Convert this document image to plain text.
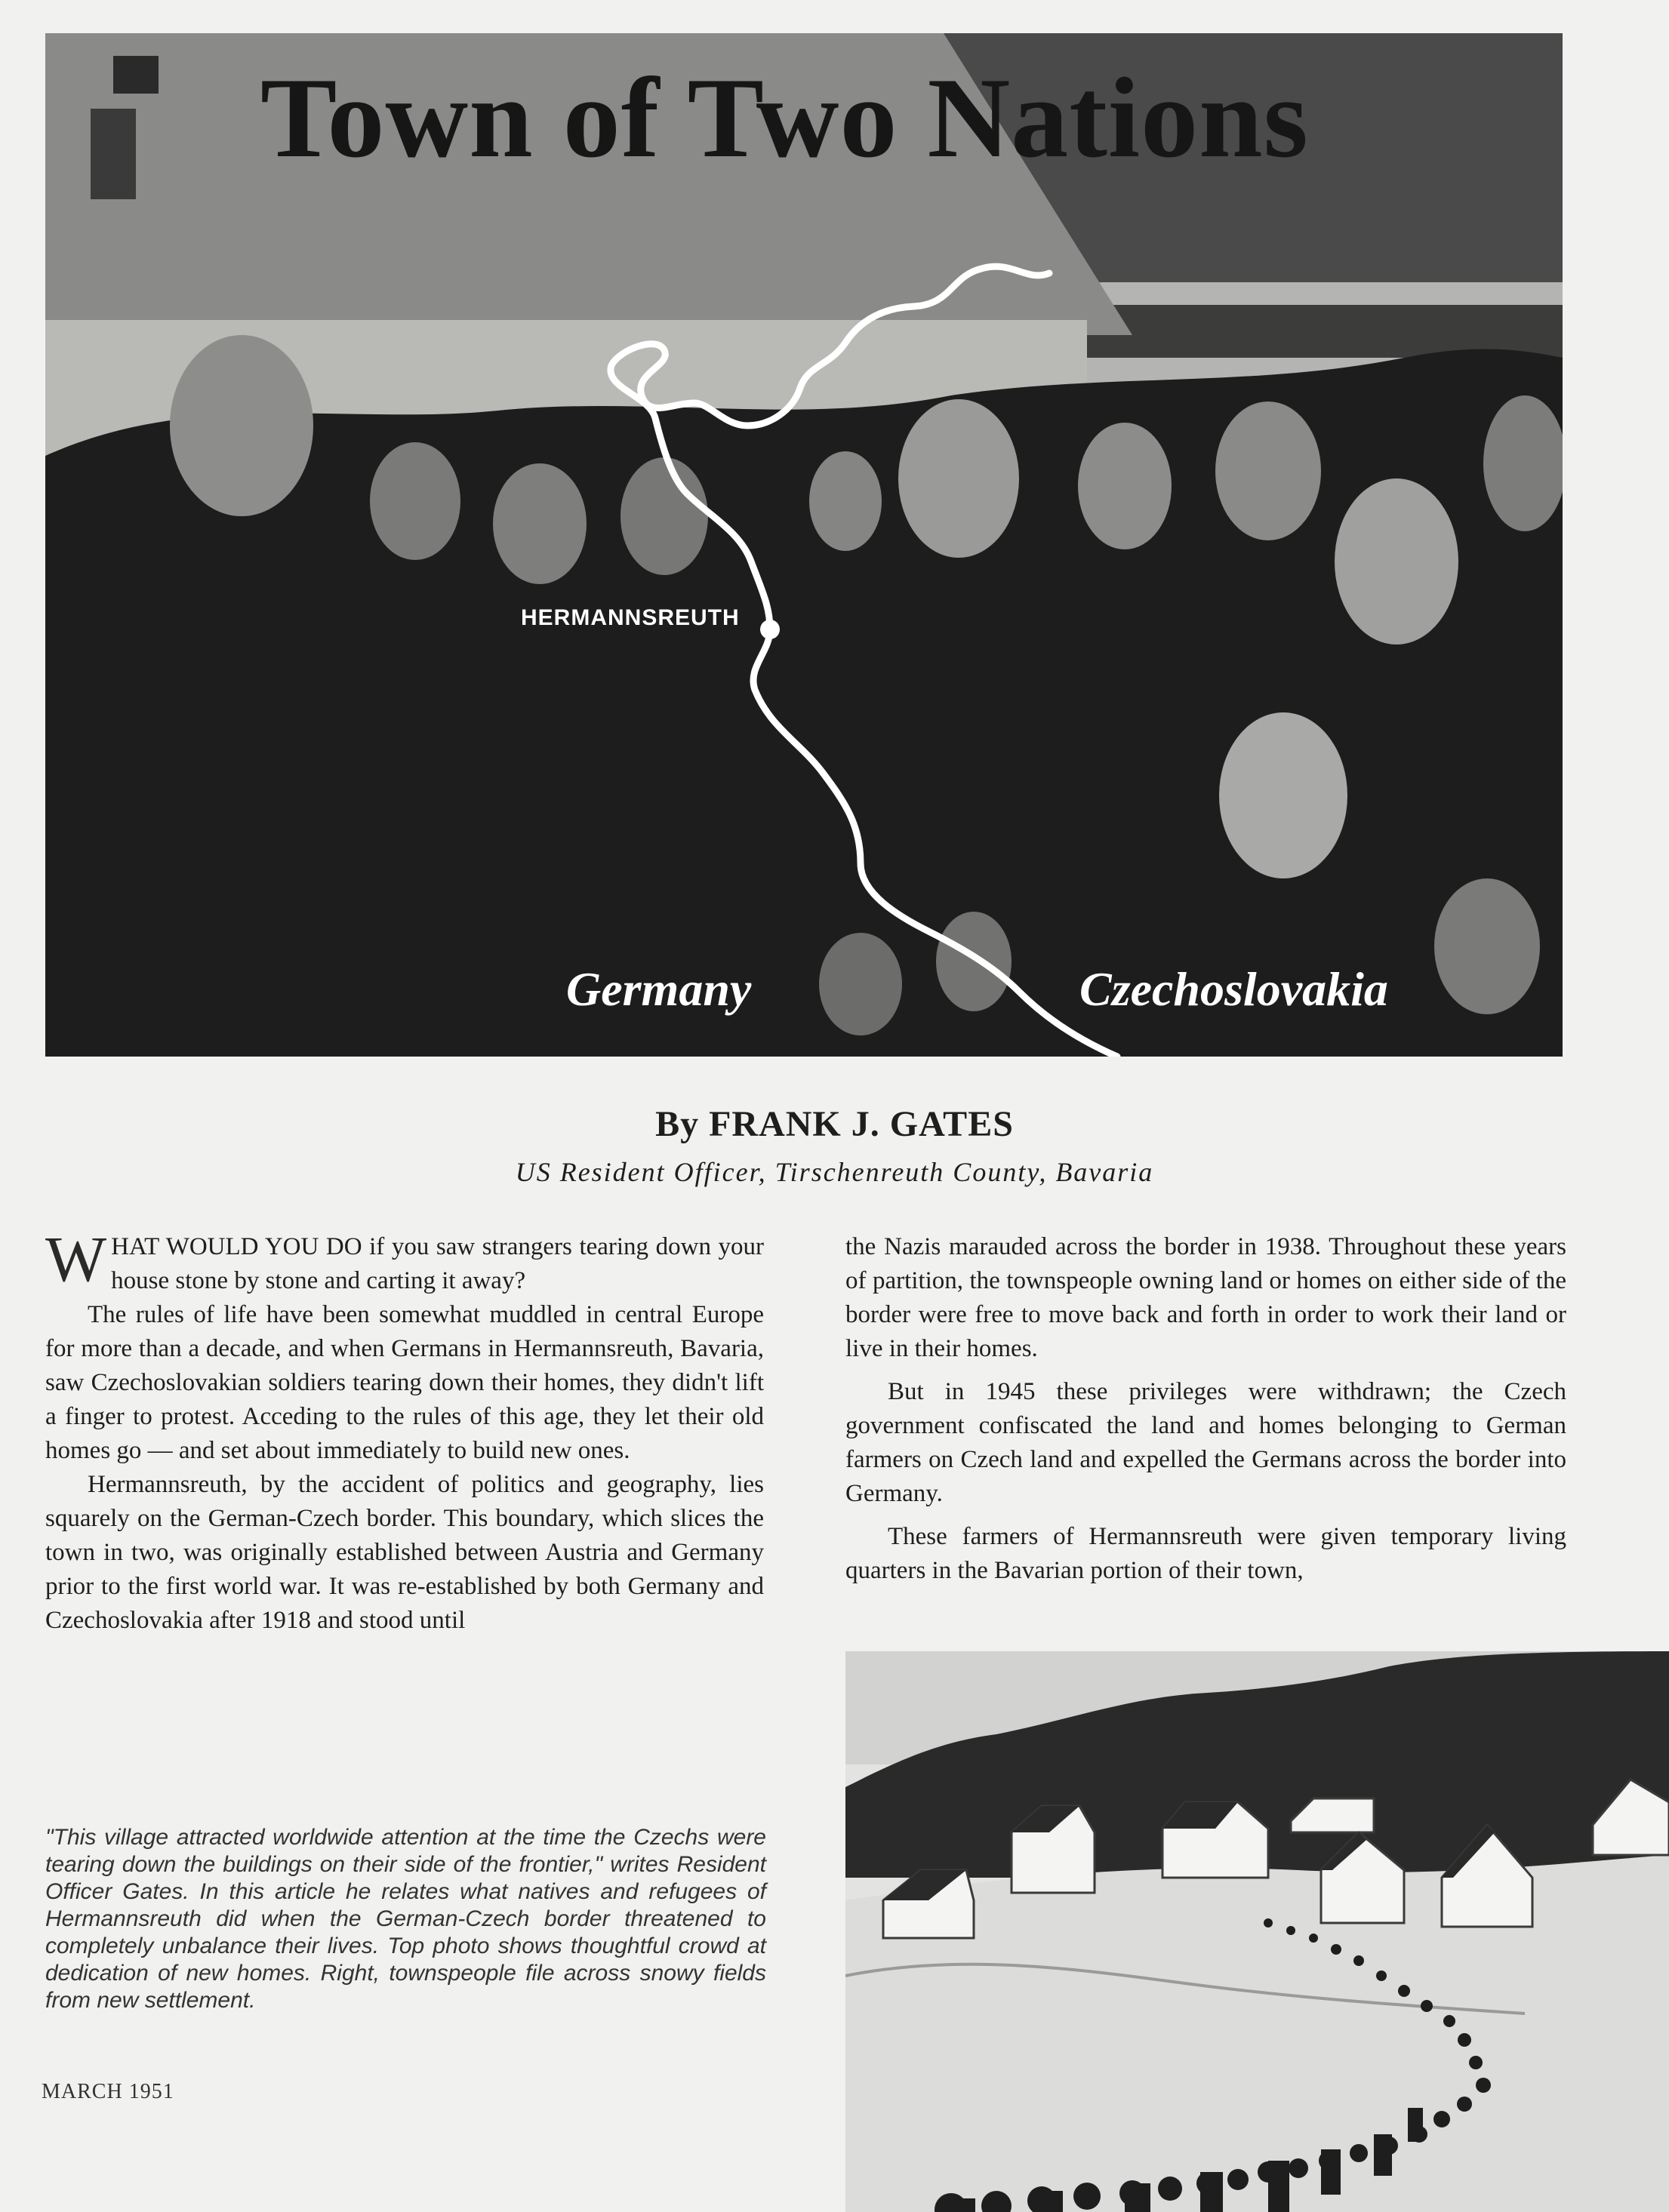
HERMANNSREUTH
Germany	Czechoslovakia
Town of Two Nations
By FRANK J. GATES
US Resident Officer, Tirschenreuth County, Bavaria

WHAT WOULD YOU DO if you saw strangers tearing down your house stone by stone and carting it away?

The rules of life have been somewhat muddled in central Europe for more than a decade, and when Germans in Hermannsreuth, Bavaria, saw Czechoslovakian soldiers tearing down their homes, they didn't lift a finger to protest. Acceding to the rules of this age, they let their old homes go — and set about immediately to build new ones.

Hermannsreuth, by the accident of politics and geography, lies squarely on the German-Czech border. This boundary, which slices the town in two, was originally established between Austria and Germany prior to the first world war. It was re-established by both Germany and Czechoslovakia after 1918 and stood until

the Nazis marauded across the border in 1938. Throughout these years of partition, the townspeople owning land or homes on either side of the border were free to move back and forth in order to work their land or live in their homes.

But in 1945 these privileges were withdrawn; the Czech government confiscated the land and homes belonging to German farmers on Czech land and expelled the Germans across the border into Germany.

These farmers of Hermannsreuth were given temporary living quarters in the Bavarian portion of their town,

"This village attracted worldwide attention at the time the Czechs were tearing down the buildings on their side of the frontier," writes Resident Officer Gates. In this article he relates what natives and refugees of Hermannsreuth did when the German-Czech border threatened to completely unbalance their lives. Top photo shows thoughtful crowd at dedication of new homes. Right, townspeople file across snowy fields from new settlement.

MARCH 1951
